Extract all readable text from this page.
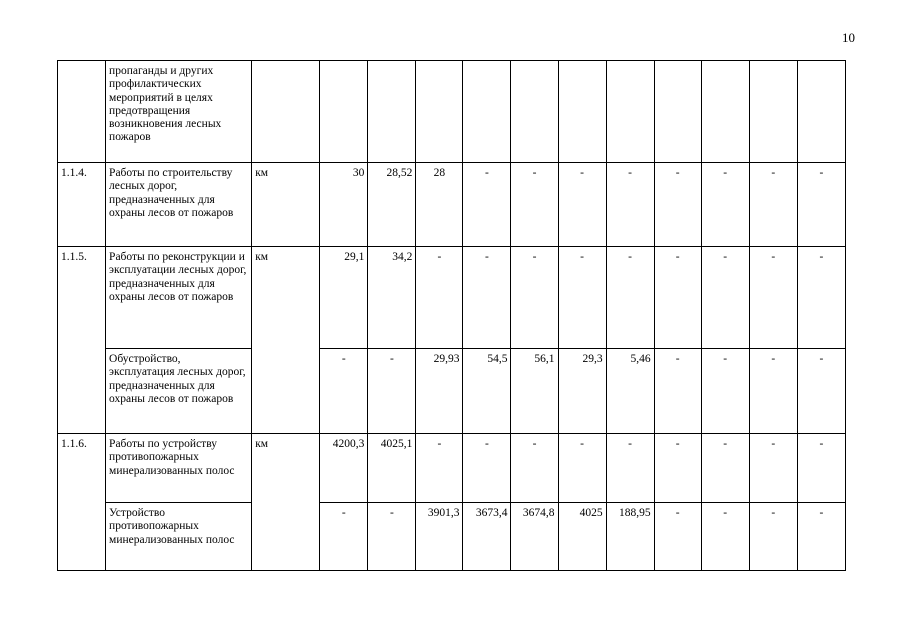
10
	пропаганды и других профилактических мероприятий в целях предотвращения возникновения лесных пожаров												
1.1.4.	Работы по строительству лесных дорог, предназначенных для охраны лесов от пожаров	км	30	28,52	28	-	-	-	-	-	-	-	-
1.1.5.	Работы по реконструкции и эксплуатации лесных дорог, предназначенных для охраны лесов от пожаров	км	29,1	34,2	-	-	-	-	-	-	-	-	-
	Обустройство, эксплуатация лесных дорог, предназначенных для охраны лесов от пожаров		-	-	29,93	54,5	56,1	29,3	5,46	-	-	-	-
1.1.6.	Работы по устройству противопожарных минерализованных полос	км	4200,3	4025,1	-	-	-	-	-	-	-	-	-
	Устройство противопожарных минерализованных полос		-	-	3901,3	3673,4	3674,8	4025	188,95	-	-	-	-
